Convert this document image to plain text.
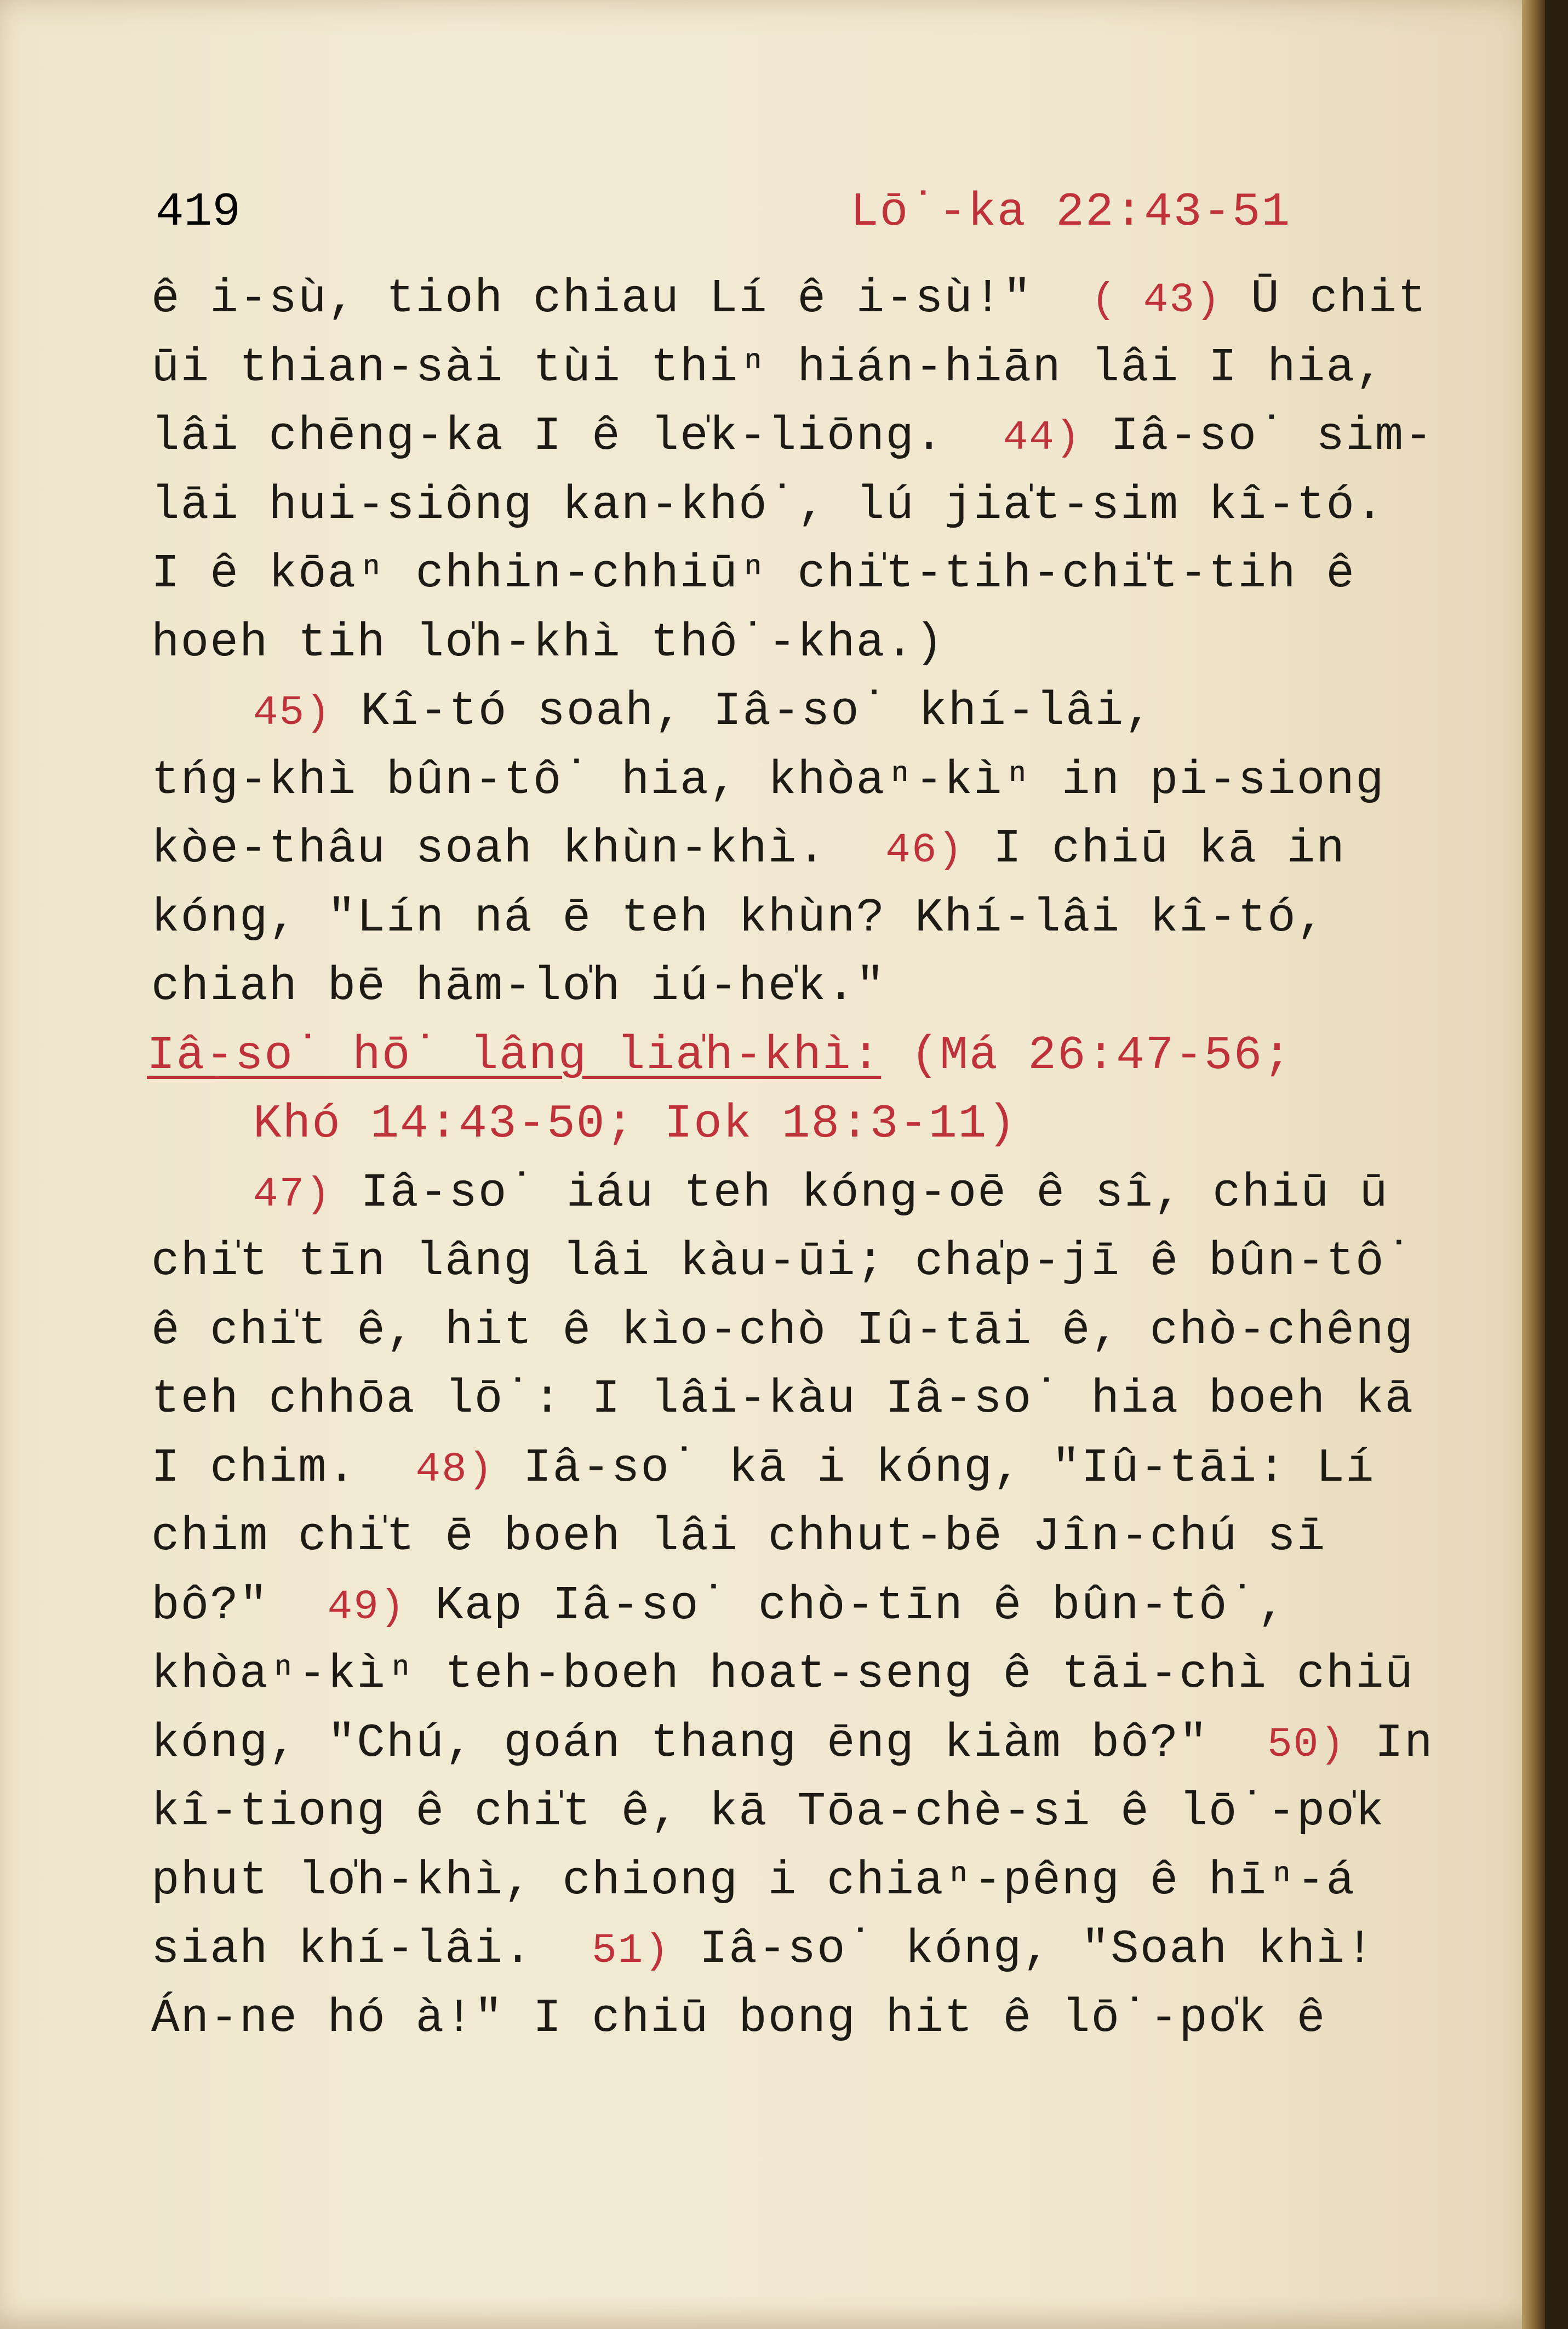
419	Lō˙-ka 22:43-51
ê i-sù, tioh chiau Lí ê i-sù!"  ( 43) Ū chit
ūi thian-sài tùi thiⁿ hián-hiān lâi I hia,
lâi chēng-ka I ê le̍k-liōng.  44) Iâ-so˙ sim-
lāi hui-siông kan-khó˙, lú jia̍t-sim kî-tó.
I ê kōaⁿ chhin-chhiūⁿ chi̍t-tih-chi̍t-tih ê
hoeh tih lo̍h-khì thô˙-kha.)
45) Kî-tó soah, Iâ-so˙ khí-lâi,
tńg-khì bûn-tô˙ hia, khòaⁿ-kìⁿ in pi-siong
kòe-thâu soah khùn-khì.  46) I chiū kā in
kóng, "Lín ná ē teh khùn? Khí-lâi kî-tó,
chiah bē hām-lo̍h iú-he̍k."
Iâ-so˙ hō˙ lâng lia̍h-khì: (Má 26:47-56;
Khó 14:43-50; Iok 18:3-11)
47) Iâ-so˙ iáu teh kóng-oē ê sî, chiū ū
chi̍t tīn lâng lâi kàu-ūi; cha̍p-jī ê bûn-tô˙
ê chi̍t ê, hit ê kìo-chò Iû-tāi ê, chò-chêng
teh chhōa lō˙: I lâi-kàu Iâ-so˙ hia boeh kā
I chim.  48) Iâ-so˙ kā i kóng, "Iû-tāi: Lí
chim chi̍t ē boeh lâi chhut-bē Jîn-chú sī
bô?"  49) Kap Iâ-so˙ chò-tīn ê bûn-tô˙,
khòaⁿ-kìⁿ teh-boeh hoat-seng ê tāi-chì chiū
kóng, "Chú, goán thang ēng kiàm bô?"  50) In
kî-tiong ê chi̍t ê, kā Tōa-chè-si ê lō˙-po̍k
phut lo̍h-khì, chiong i chiaⁿ-pêng ê hīⁿ-á
siah khí-lâi.  51) Iâ-so˙ kóng, "Soah khì!
Án-ne hó à!" I chiū bong hit ê lō˙-po̍k ê
